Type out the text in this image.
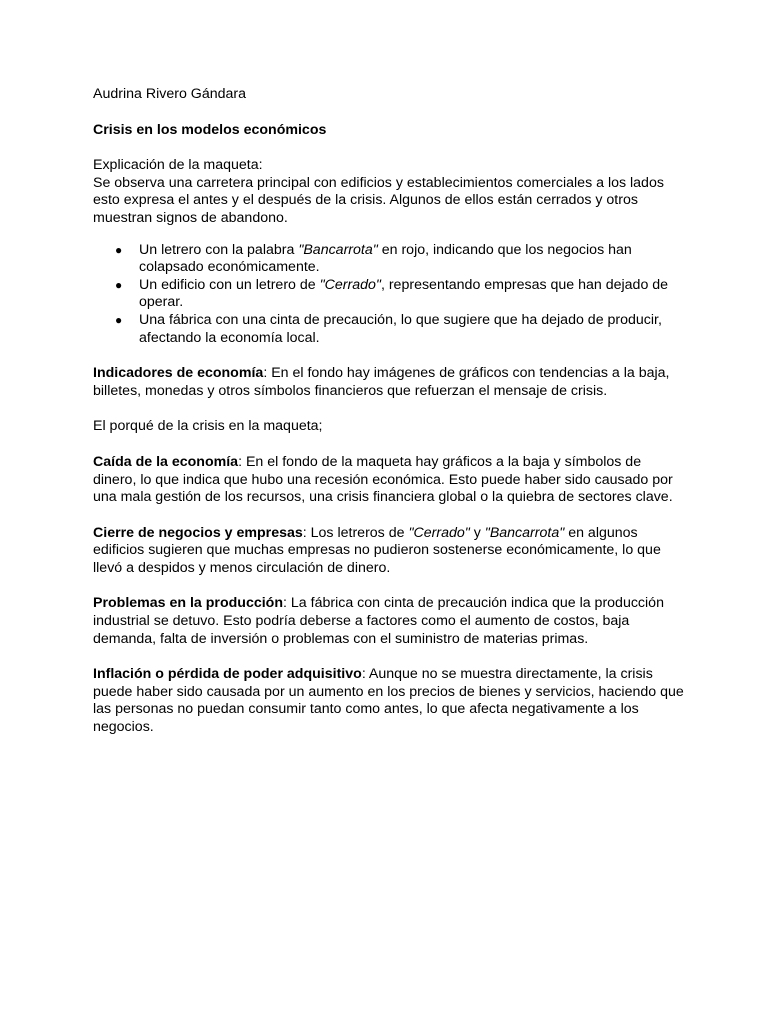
Audrina Rivero Gándara

Crisis en los modelos económicos

Explicación de la maqueta:

Se observa una carretera principal con edificios y establecimientos comerciales a los lados esto expresa el antes y el después de la crisis. Algunos de ellos están cerrados y otros muestran signos de abandono.

● Un letrero con la palabra "Bancarrota" en rojo, indicando que los negocios han colapsado económicamente.
● Un edificio con un letrero de "Cerrado", representando empresas que han dejado de operar.
● Una fábrica con una cinta de precaución, lo que sugiere que ha dejado de producir, afectando la economía local.

Indicadores de economía: En el fondo hay imágenes de gráficos con tendencias a la baja, billetes, monedas y otros símbolos financieros que refuerzan el mensaje de crisis.

El porqué de la crisis en la maqueta;

Caída de la economía: En el fondo de la maqueta hay gráficos a la baja y símbolos de dinero, lo que indica que hubo una recesión económica. Esto puede haber sido causado por una mala gestión de los recursos, una crisis financiera global o la quiebra de sectores clave.

Cierre de negocios y empresas: Los letreros de "Cerrado" y "Bancarrota" en algunos edificios sugieren que muchas empresas no pudieron sostenerse económicamente, lo que llevó a despidos y menos circulación de dinero.

Problemas en la producción: La fábrica con cinta de precaución indica que la producción industrial se detuvo. Esto podría deberse a factores como el aumento de costos, baja demanda, falta de inversión o problemas con el suministro de materias primas.

Inflación o pérdida de poder adquisitivo: Aunque no se muestra directamente, la crisis puede haber sido causada por un aumento en los precios de bienes y servicios, haciendo que las personas no puedan consumir tanto como antes, lo que afecta negativamente a los negocios.
